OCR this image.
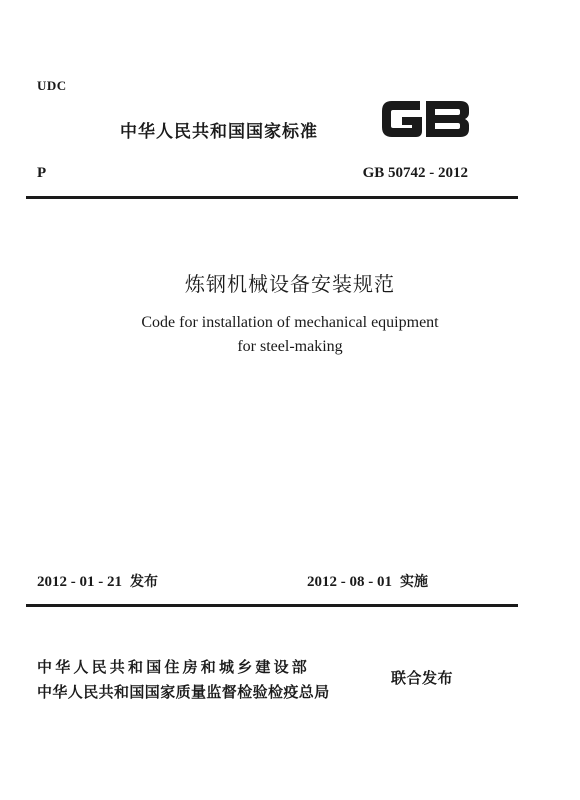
UDC
中华人民共和国国家标准
P	GB 50742 - 2012
炼钢机械设备安装规范
Code for installation of mechanical equipment
for steel-making
2012 - 01 - 21 发布	2012 - 08 - 01 实施
中华人民共和国住房和城乡建设部
中华人民共和国国家质量监督检验检疫总局
联合发布
